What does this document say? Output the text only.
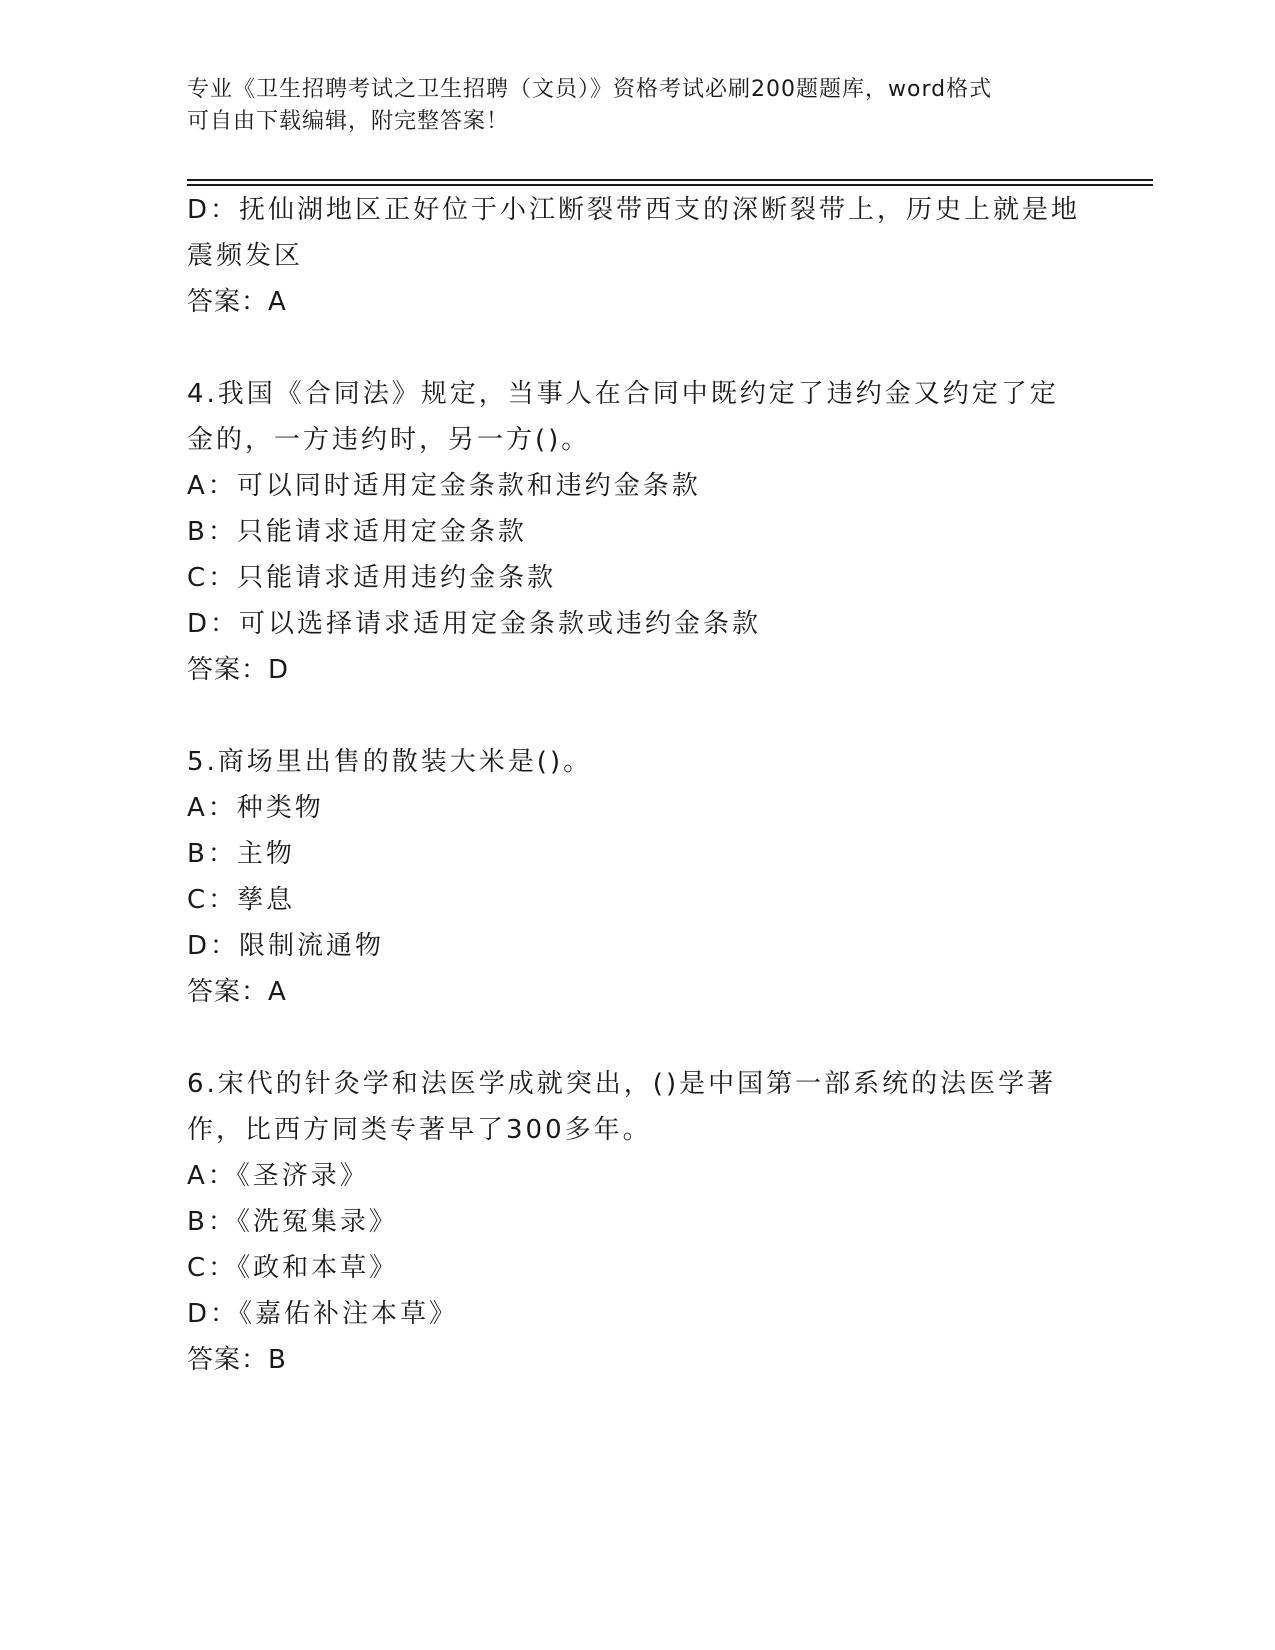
专业《卫生招聘考试之卫生招聘（文员）》资格考试必刷200题题库，word格式
可自由下载编辑，附完整答案！
D：抚仙湖地区正好位于小江断裂带西支的深断裂带上，历史上就是地
震频发区
答案：A
4.我国《合同法》规定，当事人在合同中既约定了违约金又约定了定
金的，一方违约时，另一方()。
A：可以同时适用定金条款和违约金条款
B：只能请求适用定金条款
C：只能请求适用违约金条款
D：可以选择请求适用定金条款或违约金条款
答案：D
5.商场里出售的散装大米是()。
A：种类物
B：主物
C：孳息
D：限制流通物
答案：A
6.宋代的针灸学和法医学成就突出，()是中国第一部系统的法医学著
作，比西方同类专著早了300多年。
A：《圣济录》
B：《洗冤集录》
C：《政和本草》
D：《嘉佑补注本草》
答案：B
